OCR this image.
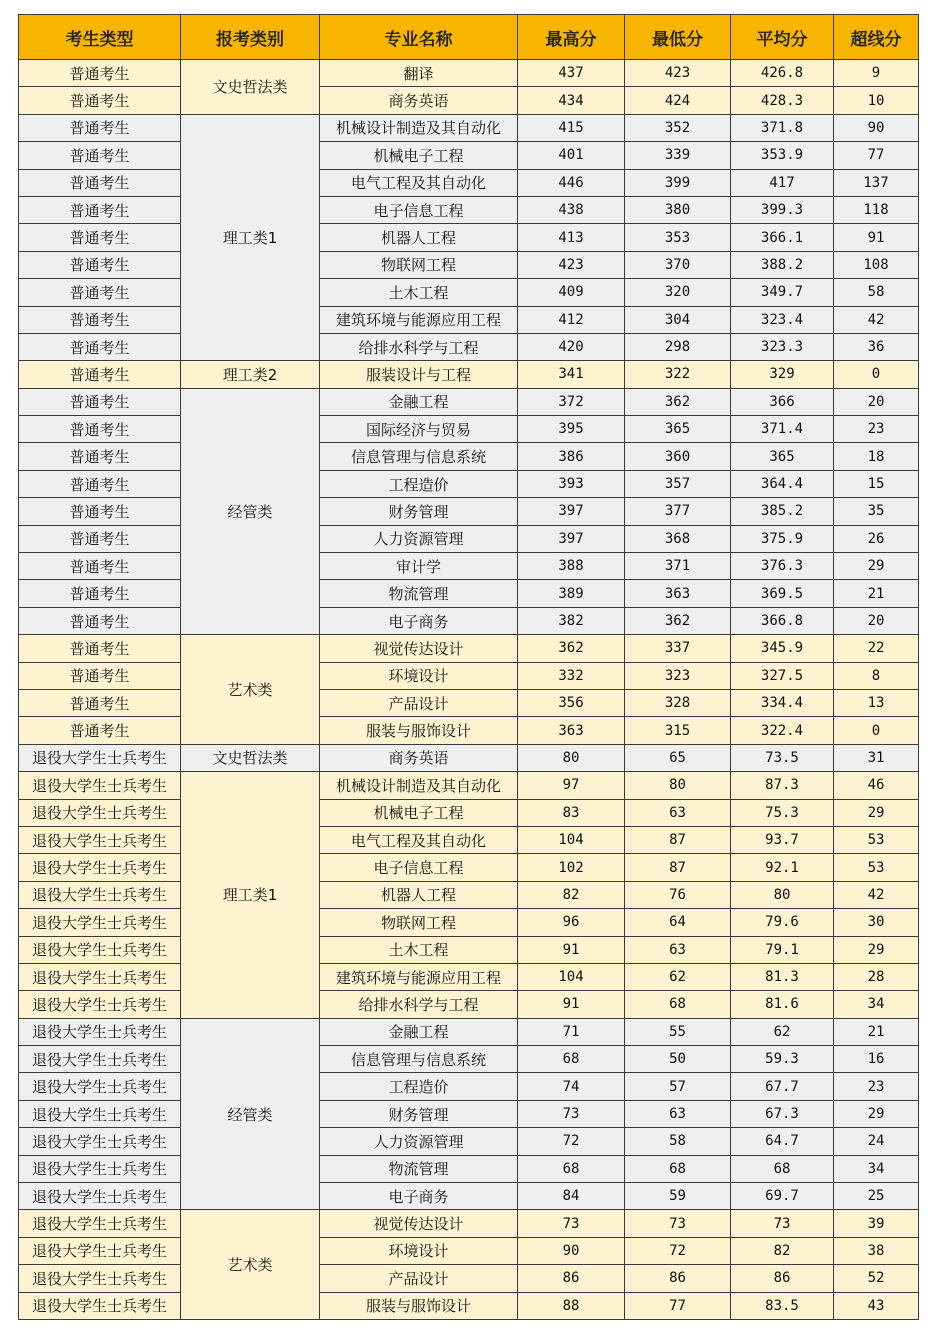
考生类型	报考类别	专业名称	最高分	最低分	平均分	超线分
普通考生	文史哲法类	翻译	437	423	426.8	9
普通考生		商务英语	434	424	428.3	10
普通考生	理工类1	机械设计制造及其自动化	415	352	371.8	90
普通考生		机械电子工程	401	339	353.9	77
普通考生		电气工程及其自动化	446	399	417	137
普通考生		电子信息工程	438	380	399.3	118
普通考生		机器人工程	413	353	366.1	91
普通考生		物联网工程	423	370	388.2	108
普通考生		土木工程	409	320	349.7	58
普通考生		建筑环境与能源应用工程	412	304	323.4	42
普通考生		给排水科学与工程	420	298	323.3	36
普通考生	理工类2	服装设计与工程	341	322	329	0
普通考生	经管类	金融工程	372	362	366	20
普通考生		国际经济与贸易	395	365	371.4	23
普通考生		信息管理与信息系统	386	360	365	18
普通考生		工程造价	393	357	364.4	15
普通考生		财务管理	397	377	385.2	35
普通考生		人力资源管理	397	368	375.9	26
普通考生		审计学	388	371	376.3	29
普通考生		物流管理	389	363	369.5	21
普通考生		电子商务	382	362	366.8	20
普通考生	艺术类	视觉传达设计	362	337	345.9	22
普通考生		环境设计	332	323	327.5	8
普通考生		产品设计	356	328	334.4	13
普通考生		服装与服饰设计	363	315	322.4	0
退役大学生士兵考生	文史哲法类	商务英语	80	65	73.5	31
退役大学生士兵考生	理工类1	机械设计制造及其自动化	97	80	87.3	46
退役大学生士兵考生		机械电子工程	83	63	75.3	29
退役大学生士兵考生		电气工程及其自动化	104	87	93.7	53
退役大学生士兵考生		电子信息工程	102	87	92.1	53
退役大学生士兵考生		机器人工程	82	76	80	42
退役大学生士兵考生		物联网工程	96	64	79.6	30
退役大学生士兵考生		土木工程	91	63	79.1	29
退役大学生士兵考生		建筑环境与能源应用工程	104	62	81.3	28
退役大学生士兵考生		给排水科学与工程	91	68	81.6	34
退役大学生士兵考生	经管类	金融工程	71	55	62	21
退役大学生士兵考生		信息管理与信息系统	68	50	59.3	16
退役大学生士兵考生		工程造价	74	57	67.7	23
退役大学生士兵考生		财务管理	73	63	67.3	29
退役大学生士兵考生		人力资源管理	72	58	64.7	24
退役大学生士兵考生		物流管理	68	68	68	34
退役大学生士兵考生		电子商务	84	59	69.7	25
退役大学生士兵考生	艺术类	视觉传达设计	73	73	73	39
退役大学生士兵考生		环境设计	90	72	82	38
退役大学生士兵考生		产品设计	86	86	86	52
退役大学生士兵考生		服装与服饰设计	88	77	83.5	43
